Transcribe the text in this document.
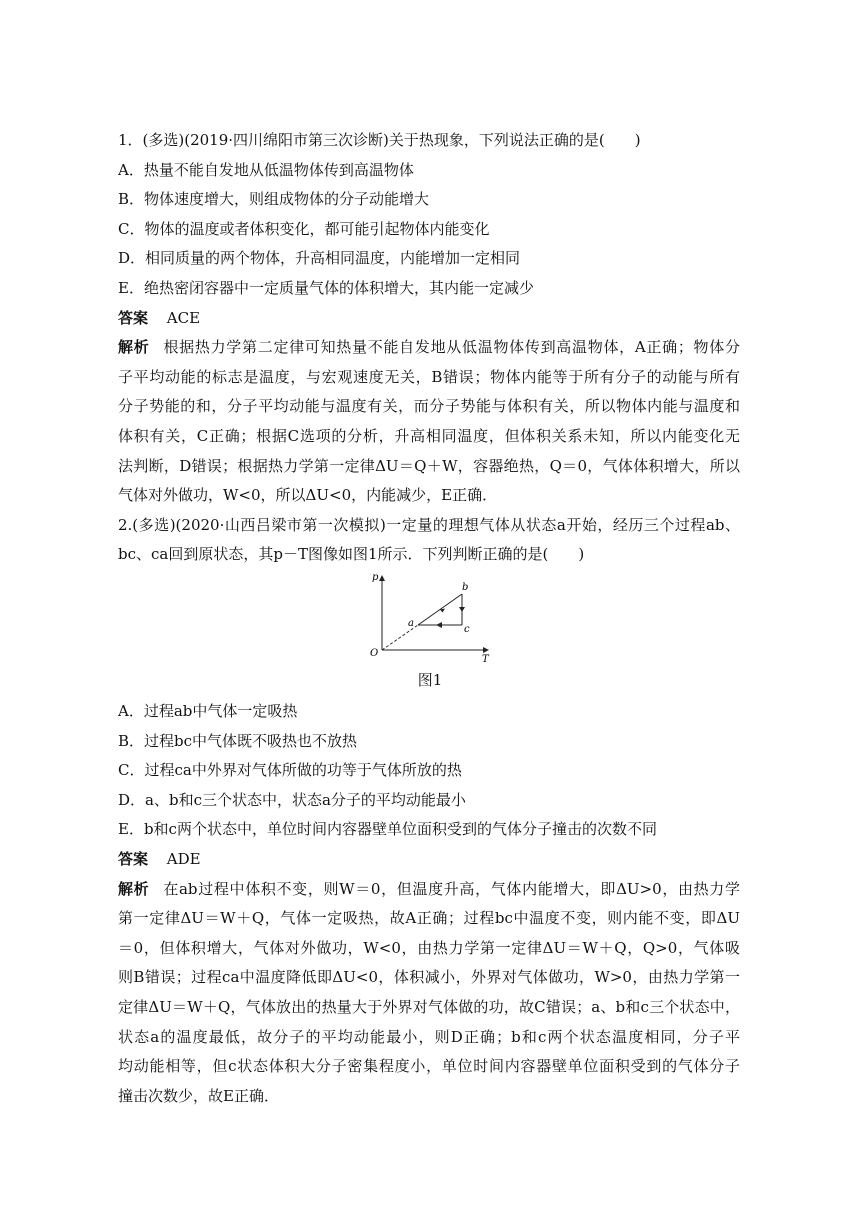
1．(多选)(2019·四川绵阳市第三次诊断)关于热现象，下列说法正确的是(　　)
A．热量不能自发地从低温物体传到高温物体
B．物体速度增大，则组成物体的分子动能增大
C．物体的温度或者体积变化，都可能引起物体内能变化
D．相同质量的两个物体，升高相同温度，内能增加一定相同
E．绝热密闭容器中一定质量气体的体积增大，其内能一定减少
答案 ACE
解析 根据热力学第二定律可知热量不能自发地从低温物体传到高温物体，A正确；物体分
子平均动能的标志是温度，与宏观速度无关，B错误；物体内能等于所有分子的动能与所有
分子势能的和，分子平均动能与温度有关，而分子势能与体积有关，所以物体内能与温度和
体积有关，C正确；根据C选项的分析，升高相同温度，但体积关系未知，所以内能变化无
法判断，D错误；根据热力学第一定律ΔU＝Q＋W，容器绝热，Q＝0，气体体积增大，所以
气体对外做功，W<0，所以ΔU<0，内能减少，E正确．
2.(多选)(2020·山西吕梁市第一次模拟)一定量的理想气体从状态a开始，经历三个过程ab、
bc、ca回到原状态，其p－T图像如图1所示．下列判断正确的是(　　)
p
T
O
a
b
c
图1
A．过程ab中气体一定吸热
B．过程bc中气体既不吸热也不放热
C．过程ca中外界对气体所做的功等于气体所放的热
D．a、b和c三个状态中，状态a分子的平均动能最小
E．b和c两个状态中，单位时间内容器壁单位面积受到的气体分子撞击的次数不同
答案 ADE
解析 在ab过程中体积不变，则W＝0，但温度升高，气体内能增大，即ΔU>0，由热力学
第一定律ΔU＝W＋Q，气体一定吸热，故A正确；过程bc中温度不变，则内能不变，即ΔU
＝0，但体积增大，气体对外做功，W<0，由热力学第一定律ΔU＝W＋Q，Q>0，气体吸
则B错误；过程ca中温度降低即ΔU<0，体积减小，外界对气体做功，W>0，由热力学第一
定律ΔU＝W＋Q，气体放出的热量大于外界对气体做的功，故C错误；a、b和c三个状态中，
状态a的温度最低，故分子的平均动能最小，则D正确；b和c两个状态温度相同，分子平
均动能相等，但c状态体积大分子密集程度小，单位时间内容器壁单位面积受到的气体分子
撞击次数少，故E正确．
